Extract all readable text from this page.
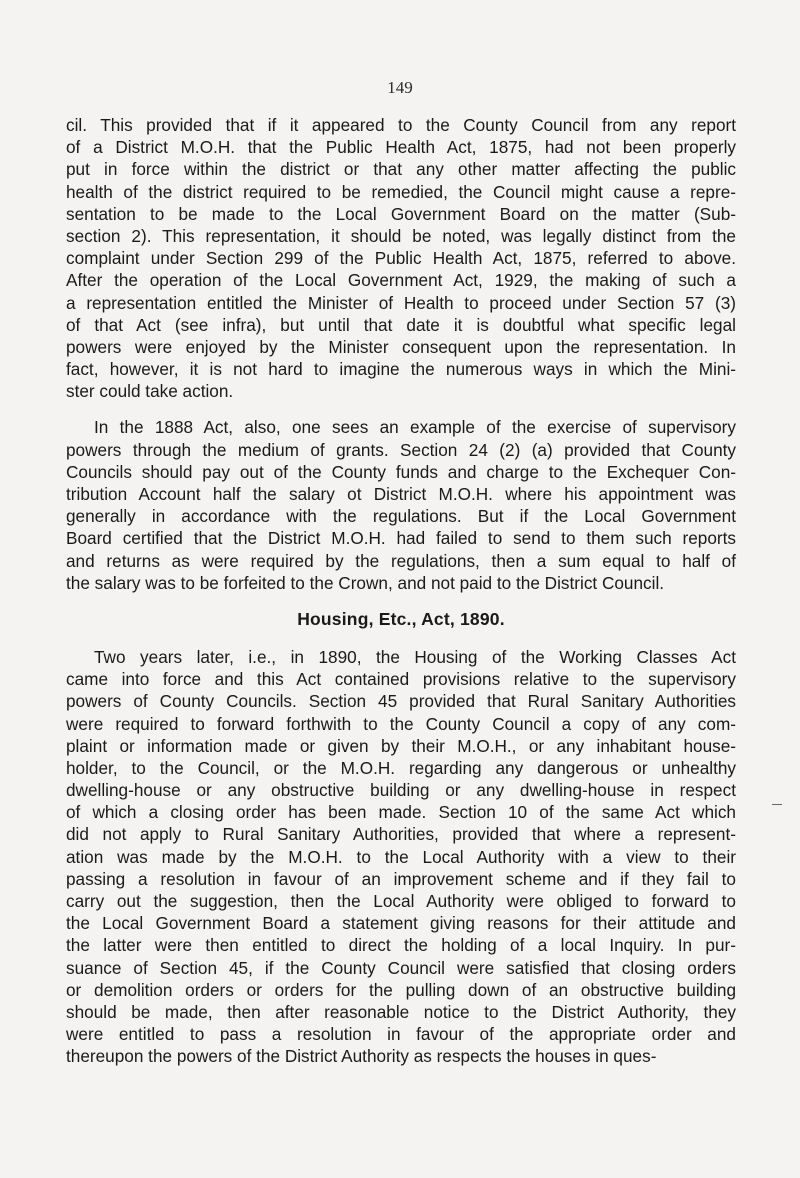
149
cil. This provided that if it appeared to the County Council from any report
of a District M.O.H. that the Public Health Act, 1875, had not been properly
put in force within the district or that any other matter affecting the public
health of the district required to be remedied, the Council might cause a repre-
sentation to be made to the Local Government Board on the matter (Sub-
section 2). This representation, it should be noted, was legally distinct from the
complaint under Section 299 of the Public Health Act, 1875, referred to above.
After the operation of the Local Government Act, 1929, the making of such a
a representation entitled the Minister of Health to proceed under Section 57 (3)
of that Act (see infra), but until that date it is doubtful what specific legal
powers were enjoyed by the Minister consequent upon the representation. In
fact, however, it is not hard to imagine the numerous ways in which the Mini-
ster could take action.
In the 1888 Act, also, one sees an example of the exercise of supervisory
powers through the medium of grants. Section 24 (2) (a) provided that County
Councils should pay out of the County funds and charge to the Exchequer Con-
tribution Account half the salary ot District M.O.H. where his appointment was
generally in accordance with the regulations. But if the Local Government
Board certified that the District M.O.H. had failed to send to them such reports
and returns as were required by the regulations, then a sum equal to half of
the salary was to be forfeited to the Crown, and not paid to the District Council.
Housing, Etc., Act, 1890.
Two years later, i.e., in 1890, the Housing of the Working Classes Act
came into force and this Act contained provisions relative to the supervisory
powers of County Councils. Section 45 provided that Rural Sanitary Authorities
were required to forward forthwith to the County Council a copy of any com-
plaint or information made or given by their M.O.H., or any inhabitant house-
holder, to the Council, or the M.O.H. regarding any dangerous or unhealthy
dwelling-house or any obstructive building or any dwelling-house in respect
of which a closing order has been made. Section 10 of the same Act which
did not apply to Rural Sanitary Authorities, provided that where a represent-
ation was made by the M.O.H. to the Local Authority with a view to their
passing a resolution in favour of an improvement scheme and if they fail to
carry out the suggestion, then the Local Authority were obliged to forward to
the Local Government Board a statement giving reasons for their attitude and
the latter were then entitled to direct the holding of a local Inquiry. In pur-
suance of Section 45, if the County Council were satisfied that closing orders
or demolition orders or orders for the pulling down of an obstructive building
should be made, then after reasonable notice to the District Authority, they
were entitled to pass a resolution in favour of the appropriate order and
thereupon the powers of the District Authority as respects the houses in ques-
